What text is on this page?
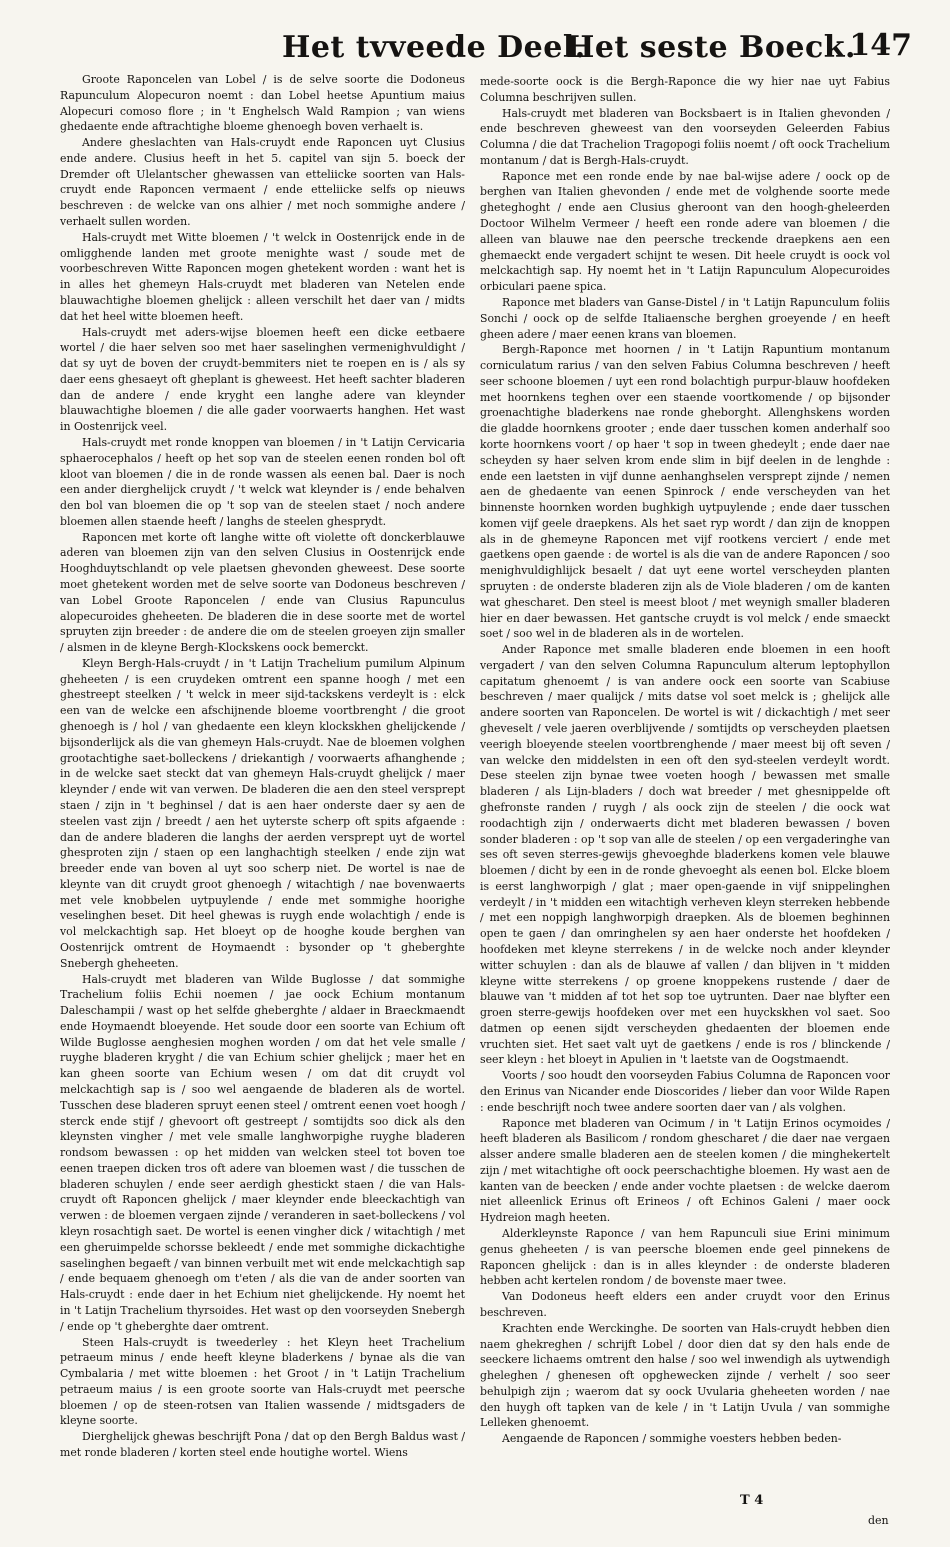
Het tvveede Deel.
Het seste Boeck.
147

Groote Raponcelen van Lobel / is de selve soorte die Dodoneus Rapunculum Alopecuron noemt : dan Lobel heetse Apuntium maius Alopecuri comoso flore ; in 't Enghelsch Wald Rampion ; van wiens ghedaente ende aftrachtighe bloeme ghenoegh boven verhaelt is.

Andere gheslachten van Hals-cruydt ende Raponcen uyt Clusius ende andere. Clusius heeft in het 5. capitel van sijn 5. boeck der Dremder oft Ulelantscher ghewassen van etteliicke soorten van Hals-cruydt ende Raponcen vermaent / ende etteliicke selfs op nieuws beschreven : de welcke van ons alhier / met noch sommighe andere / verhaelt sullen worden.

Hals-cruydt met Witte bloemen / 't welck in Oostenrijck ende in de omligghende landen met groote menighte wast / soude met de voorbeschreven Witte Raponcen mogen ghetekent worden : want het is in alles het ghemeyn Hals-cruydt met bladeren van Netelen ende blauwachtighe bloemen ghelijck : alleen verschilt het daer van / midts dat het heel witte bloemen heeft.

Hals-cruydt met aders-wijse bloemen heeft een dicke eetbaere wortel / die haer selven soo met haer saselinghen vermenighvuldight / dat sy uyt de boven der cruydt-bemmiters niet te roepen en is / als sy daer eens ghesaeyt oft gheplant is gheweest. Het heeft sachter bladeren dan de andere / ende kryght een langhe adere van kleynder blauwachtighe bloemen / die alle gader voorwaerts hanghen. Het wast in Oostenrijck veel.

Hals-cruydt met ronde knoppen van bloemen / in 't Latijn Cervicaria sphaerocephalos / heeft op het sop van de steelen eenen ronden bol oft kloot van bloemen / die in de ronde wassen als eenen bal. Daer is noch een ander dierghelijck cruydt / 't welck wat kleynder is / ende behalven den bol van bloemen die op 't sop van de steelen staet / noch andere bloemen allen staende heeft / langhs de steelen ghesprydt.

Raponcen met korte oft langhe witte oft violette oft donckerblauwe aderen van bloemen zijn van den selven Clusius in Oostenrijck ende Hooghduytschlandt op vele plaetsen ghevonden gheweest. Dese soorte moet ghetekent worden met de selve soorte van Dodoneus beschreven / van Lobel Groote Raponcelen / ende van Clusius Rapunculus alopecuroides gheheeten. De bladeren die in dese soorte met de wortel spruyten zijn breeder : de andere die om de steelen groeyen zijn smaller / alsmen in de kleyne Bergh-Klockskens oock bemerckt.

Kleyn Bergh-Hals-cruydt / in 't Latijn Trachelium pumilum Alpinum gheheeten / is een cruydeken omtrent een spanne hoogh / met een ghestreept steelken / 't welck in meer sijd-tackskens verdeylt is : elck een van de welcke een afschijnende bloeme voortbrenght / die groot ghenoegh is / hol / van ghedaente een kleyn klockskhen ghelijckende / bijsonderlijck als die van ghemeyn Hals-cruydt. Nae de bloemen volghen grootachtighe saet-bolleckens / driekantigh / voorwaerts afhanghende ; in de welcke saet steckt dat van ghemeyn Hals-cruydt ghelijck / maer kleynder / ende wit van verwen. De bladeren die aen den steel versprept staen / zijn in 't beghinsel / dat is aen haer onderste daer sy aen de steelen vast zijn / breedt / aen het uyterste scherp oft spits afgaende : dan de andere bladeren die langhs der aerden versprept uyt de wortel ghesproten zijn / staen op een langhachtigh steelken / ende zijn wat breeder ende van boven al uyt soo scherp niet. De wortel is nae de kleynte van dit cruydt groot ghenoegh / witachtigh / nae bovenwaerts met vele knobbelen uytpuylende / ende met sommighe hoorighe veselinghen beset. Dit heel ghewas is ruygh ende wolachtigh / ende is vol melckachtigh sap. Het bloeyt op de hooghe koude berghen van Oostenrijck omtrent de Hoymaendt : bysonder op 't gheberghte Snebergh gheheeten.

Hals-cruydt met bladeren van Wilde Buglosse / dat sommighe Trachelium foliis Echii noemen / jae oock Echium montanum Daleschampii / wast op het selfde gheberghte / aldaer in Braeckmaendt ende Hoymaendt bloeyende. Het soude door een soorte van Echium oft Wilde Buglosse aenghesien moghen worden / om dat het vele smalle / ruyghe bladeren kryght / die van Echium schier ghelijck ; maer het en kan gheen soorte van Echium wesen / om dat dit cruydt vol melckachtigh sap is / soo wel aengaende de bladeren als de wortel. Tusschen dese bladeren spruyt eenen steel / omtrent eenen voet hoogh / sterck ende stijf / ghevoort oft gestreept / somtijdts soo dick als den kleynsten vingher / met vele smalle langhworpighe ruyghe bladeren rondsom bewassen : op het midden van welcken steel tot boven toe eenen traepen dicken tros oft adere van bloemen wast / die tusschen de bladeren schuylen / ende seer aerdigh ghestickt staen / die van Hals-cruydt oft Raponcen ghelijck / maer kleynder ende bleeckachtigh van verwen : de bloemen vergaen zijnde / veranderen in saet-bolleckens / vol kleyn rosachtigh saet. De wortel is eenen vingher dick / witachtigh / met een gheruimpelde schorsse bekleedt / ende met sommighe dickachtighe saselinghen begaeft / van binnen verbuilt met wit ende melckachtigh sap / ende bequaem ghenoegh om t'eten / als die van de ander soorten van Hals-cruydt : ende daer in het Echium niet ghelijckende. Hy noemt het in 't Latijn Trachelium thyrsoides. Het wast op den voorseyden Snebergh / ende op 't gheberghte daer omtrent.

Steen Hals-cruydt is tweederley : het Kleyn heet Trachelium petraeum minus / ende heeft kleyne bladerkens / bynae als die van Cymbalaria / met witte bloemen : het Groot / in 't Latijn Trachelium petraeum maius / is een groote soorte van Hals-cruydt met peersche bloemen / op de steen-rotsen van Italien wassende / midtsgaders de kleyne soorte.

Dierghelijck ghewas beschrijft Pona / dat op den Bergh Baldus wast / met ronde bladeren / korten steel ende houtighe wortel. Wiens

mede-soorte oock is die Bergh-Raponce die wy hier nae uyt Fabius Columna beschrijven sullen.

Hals-cruydt met bladeren van Bocksbaert is in Italien ghevonden / ende beschreven gheweest van den voorseyden Geleerden Fabius Columna / die dat Trachelion Tragopogi foliis noemt / oft oock Trachelium montanum / dat is Bergh-Hals-cruydt.

Raponce met een ronde ende by nae bal-wijse adere / oock op de berghen van Italien ghevonden / ende met de volghende soorte mede gheteghoght / ende aen Clusius gheroont van den hoogh-gheleerden Doctoor Wilhelm Vermeer / heeft een ronde adere van bloemen / die alleen van blauwe nae den peersche treckende draepkens aen een ghemaeckt ende vergadert schijnt te wesen. Dit heele cruydt is oock vol melckachtigh sap. Hy noemt het in 't Latijn Rapunculum Alopecuroides orbiculari paene spica.

Raponce met bladers van Ganse-Distel / in 't Latijn Rapunculum foliis Sonchi / oock op de selfde Italiaensche berghen groeyende / en heeft gheen adere / maer eenen krans van bloemen.

Bergh-Raponce met hoornen / in 't Latijn Rapuntium montanum corniculatum rarius / van den selven Fabius Columna beschreven / heeft seer schoone bloemen / uyt een rond bolachtigh purpur-blauw hoofdeken met hoornkens teghen over een staende voortkomende / op bijsonder groenachtighe bladerkens nae ronde gheborght. Allenghskens worden die gladde hoornkens grooter ; ende daer tusschen komen anderhalf soo korte hoornkens voort / op haer 't sop in tween ghedeylt ; ende daer nae scheyden sy haer selven krom ende slim in bijf deelen in de lenghde : ende een laetsten in vijf dunne aenhanghselen versprept zijnde / nemen aen de ghedaente van eenen Spinrock / ende verscheyden van het binnenste hoornken worden bughkigh uytpuylende ; ende daer tusschen komen vijf geele draepkens. Als het saet ryp wordt / dan zijn de knoppen als in de ghemeyne Raponcen met vijf rootkens verciert / ende met gaetkens open gaende : de wortel is als die van de andere Raponcen / soo menighvuldighlijck besaelt / dat uyt eene wortel verscheyden planten spruyten : de onderste bladeren zijn als de Viole bladeren / om de kanten wat ghescharet. Den steel is meest bloot / met weynigh smaller bladeren hier en daer bewassen. Het gantsche cruydt is vol melck / ende smaeckt soet / soo wel in de bladeren als in de wortelen.

Ander Raponce met smalle bladeren ende bloemen in een hooft vergadert / van den selven Columna Rapunculum alterum leptophyllon capitatum ghenoemt / is van andere oock een soorte van Scabiuse beschreven / maer qualijck / mits datse vol soet melck is ; ghelijck alle andere soorten van Raponcelen. De wortel is wit / dickachtigh / met seer gheveselt / vele jaeren overblijvende / somtijdts op verscheyden plaetsen veerigh bloeyende steelen voortbrenghende / maer meest bij oft seven / van welcke den middelsten in een oft den syd-steelen verdeylt wordt. Dese steelen zijn bynae twee voeten hoogh / bewassen met smalle bladeren / als Lijn-bladers / doch wat breeder / met ghesnippelde oft ghefronste randen / ruygh / als oock zijn de steelen / die oock wat roodachtigh zijn / onderwaerts dicht met bladeren bewassen / boven sonder bladeren : op 't sop van alle de steelen / op een vergaderinghe van ses oft seven sterres-gewijs ghevoeghde bladerkens komen vele blauwe bloemen / dicht by een in de ronde ghevoeght als eenen bol. Elcke bloem is eerst langhworpigh / glat ; maer open-gaende in vijf snippelinghen verdeylt / in 't midden een witachtigh verheven kleyn sterreken hebbende / met een noppigh langhworpigh draepken. Als de bloemen beghinnen open te gaen / dan omringhelen sy aen haer onderste het hoofdeken / hoofdeken met kleyne sterrekens / in de welcke noch ander kleynder witter schuylen : dan als de blauwe af vallen / dan blijven in 't midden kleyne witte sterrekens / op groene knoppekens rustende / daer de blauwe van 't midden af tot het sop toe uytrunten. Daer nae blyfter een groen sterre-gewijs hoofdeken over met een huyckskhen vol saet. Soo datmen op eenen sijdt verscheyden ghedaenten der bloemen ende vruchten siet. Het saet valt uyt de gaetkens / ende is ros / blinckende / seer kleyn : het bloeyt in Apulien in 't laetste van de Oogstmaendt.

Voorts / soo houdt den voorseyden Fabius Columna de Raponcen voor den Erinus van Nicander ende Dioscorides / lieber dan voor Wilde Rapen : ende beschrijft noch twee andere soorten daer van / als volghen.

Raponce met bladeren van Ocimum / in 't Latijn Erinos ocymoides / heeft bladeren als Basilicom / rondom ghescharet / die daer nae vergaen alsser andere smalle bladeren aen de steelen komen / die minghekertelt zijn / met witachtighe oft oock peerschachtighe bloemen. Hy wast aen de kanten van de beecken / ende ander vochte plaetsen : de welcke daerom niet alleenlick Erinus oft Erineos / oft Echinos Galeni / maer oock Hydreion magh heeten.

Alderkleynste Raponce / van hem Rapunculi siue Erini minimum genus gheheeten / is van peersche bloemen ende geel pinnekens de Raponcen ghelijck : dan is in alles kleynder : de onderste bladeren hebben acht kertelen rondom / de bovenste maer twee.

Van Dodoneus heeft elders een ander cruydt voor den Erinus beschreven.

Krachten ende Werckinghe. De soorten van Hals-cruydt hebben dien naem ghekreghen / schrijft Lobel / door dien dat sy den hals ende de seeckere lichaems omtrent den halse / soo wel inwendigh als uytwendigh gheleghen / ghenesen oft opghewecken zijnde / verhelt / soo seer behulpigh zijn ; waerom dat sy oock Uvularia gheheeten worden / nae den huygh oft tapken van de kele / in 't Latijn Uvula / van sommighe Lelleken ghenoemt.

Aengaende de Raponcen / sommighe voesters hebben beden-

T 4
den
